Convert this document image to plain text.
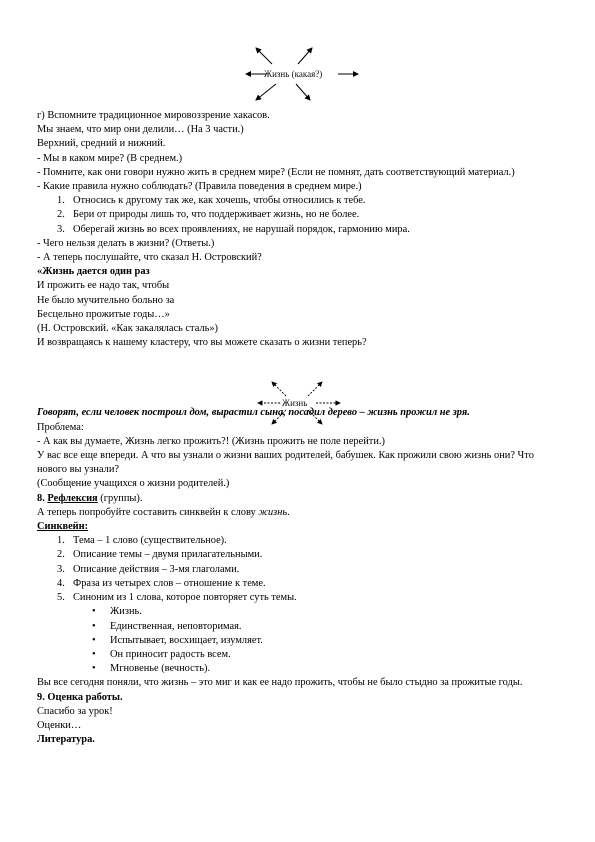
Жизнь (какая?)
г) Вспомните традиционное мировоззрение хакасов.
Мы знаем, что мир они делили… (На 3 части.)
Верхний, средний и нижний.
- Мы в каком мире? (В среднем.)
- Помните, как они говори нужно жить в среднем мире? (Если не помнят, дать соответствующий материал.)
- Какие правила нужно соблюдать? (Правила поведения в среднем мире.)
1. Относись к другому так же, как хочешь, чтобы относились к тебе.
2. Бери от природы лишь то, что поддерживает жизнь, но не более.
3. Оберегай жизнь во всех проявлениях, не нарушай порядок, гармонию мира.
- Чего нельзя делать в жизни? (Ответы.)
- А теперь послушайте, что сказал Н. Островский?
«Жизнь дается один раз
И прожить ее надо так, чтобы
Не было мучительно больно за
Бесцельно прожитые годы…»
(Н. Островский. «Как закалялась сталь»)
И возвращаясь к нашему кластеру, что вы можете сказать о жизни теперь?
Говорят, если человек построил дом, вырастил сына, посадил дерево – жизнь прожил не зря.
Проблема:
- А как вы думаете, Жизнь легко прожить?! (Жизнь прожить не поле перейти.)
У вас все еще впереди. А что вы узнали о жизни ваших родителей, бабушек. Как прожили свою жизнь они? Что нового вы узнали?
(Сообщение учащихся о жизни родителей.)
8. Рефлексия (группы).
А теперь попробуйте составить синквейн к слову жизнь.
Синквейн:
1. Тема – 1 слово (существительное).
2. Описание темы – двумя прилагательными.
3. Описание действия – 3-мя глаголами.
4. Фраза из четырех слов – отношение к теме.
5. Синоним из 1 слова, которое повторяет суть темы.
•	Жизнь.
•	Единственная, неповторимая.
•	Испытывает, восхищает, изумляет.
•	Он приносит радость всем.
•	Мгновенье (вечность).
Вы все сегодня поняли, что жизнь – это миг и как ее надо прожить, чтобы не было стыдно за прожитые годы.
9. Оценка работы.
Спасибо за урок!
Оценки…
Литература.
Жизнь
